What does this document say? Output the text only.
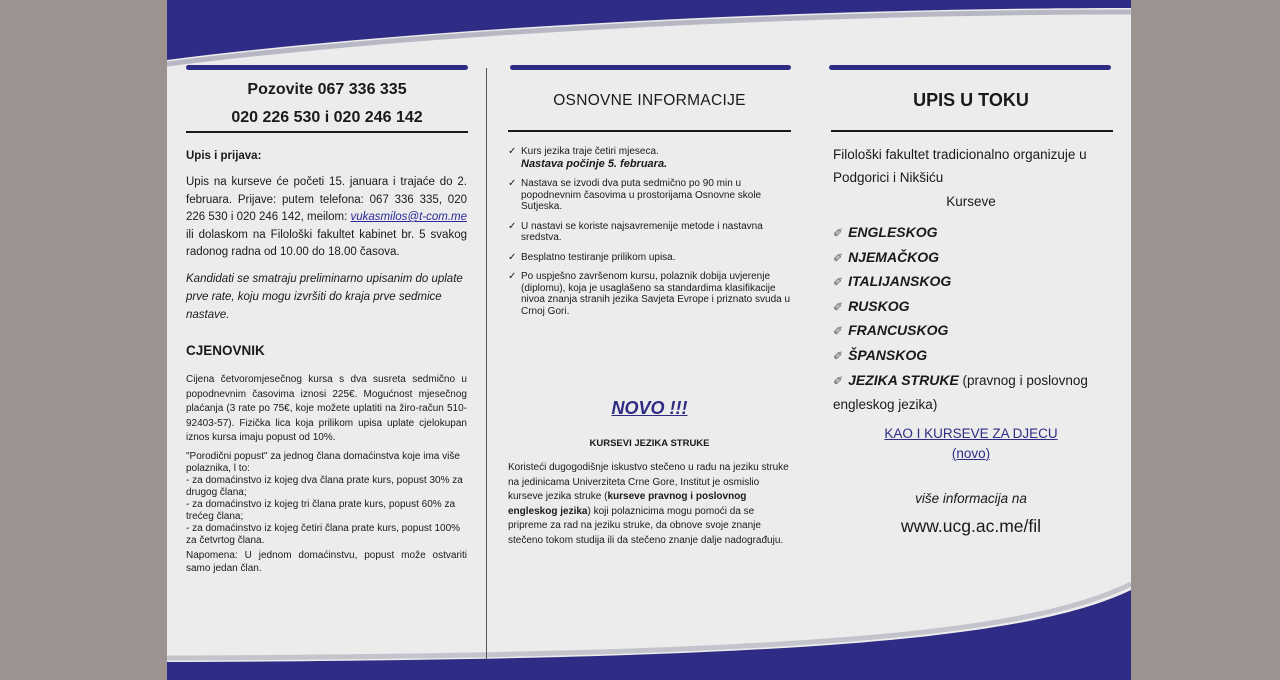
Pozovite 067 336 335
020 226 530 i 020 246 142
Upis i prijava:

Upis na kurseve će početi 15. januara i trajaće do 2. februara. Prijave: putem telefona: 067 336 335, 020 226 530 i 020 246 142, meilom: vukasmilos@t-com.me ili dolaskom na Filološki fakultet kabinet br. 5 svakog radonog radna od 10.00 do 18.00 časova.

Kandidati se smatraju preliminarno upisanim do uplate prve rate, koju mogu izvršiti do kraja prve sedmice nastave.

CJENOVNIK

Cijena četvoromjesečnog kursa s dva susreta sedmično u popodnevnim časovima iznosi 225€. Mogućnost mjesečnog plaćanja (3 rate po 75€, koje možete uplatiti na žiro-račun 510-92403-57). Fizička lica koja prilikom upisa uplate cjelokupan iznos kursa imaju popust od 10%.

"Porodični popust" za jednog člana domaćinstva koje ima više polaznika, l to:
- za domaćinstvo iz kojeg dva člana prate kurs, popust 30% za drugog člana;
- za domaćinstvo iz kojeg tri člana prate kurs, popust 60% za trećeg člana;
- za domaćinstvo iz kojeg četiri člana prate kurs, popust 100% za četvrtog člana.

Napomena: U jednom domaćinstvu, popust može ostvariti samo jedan član.

OSNOVNE INFORMACIJE
✓ Kurs jezika traje četiri mjeseca.
Nastava počinje 5. februara.
✓ Nastava se izvodi dva puta sedmično po 90 min u popodnevnim časovima u prostorijama Osnovne skole Sutjeska.
✓ U nastavi se koriste najsavremenije metode i nastavna sredstva.
✓ Besplatno testiranje prilikom upisa.
✓ Po uspješno završenom kursu, polaznik dobija uvjerenje (diplomu), koja je usaglašeno sa standardima klasifikacije nivoa znanja stranih jezika Savjeta Evrope i priznato svuda u Crnoj Gori.
NOVO !!!
KURSEVI JEZIKA STRUKE

Koristeći dugogodišnje iskustvo stečeno u radu na jeziku struke na jedinicama Univerziteta Crne Gore, Institut je osmislio kurseve jezika struke (kurseve pravnog i poslovnog engleskog jezika) koji polaznicima mogu pomoći da se pripreme za rad na jeziku struke, da obnove svoje znanje stečeno tokom studija ili da stečeno znanje dalje nadograđuju.

UPIS U TOKU

Filološki fakultet tradicionalno organizuje u Podgorici i Nikšiću

Kurseve
✐ ENGLESKOG
✐ NJEMAČKOG
✐ ITALIJANSKOG
✐ RUSKOG
✐ FRANCUSKOG
✐ ŠPANSKOG
✐ JEZIKA STRUKE (pravnog i poslovnog engleskog jezika)
KAO I KURSEVE ZA DJECU
(novo)
više informacija na
www.ucg.ac.me/fil
